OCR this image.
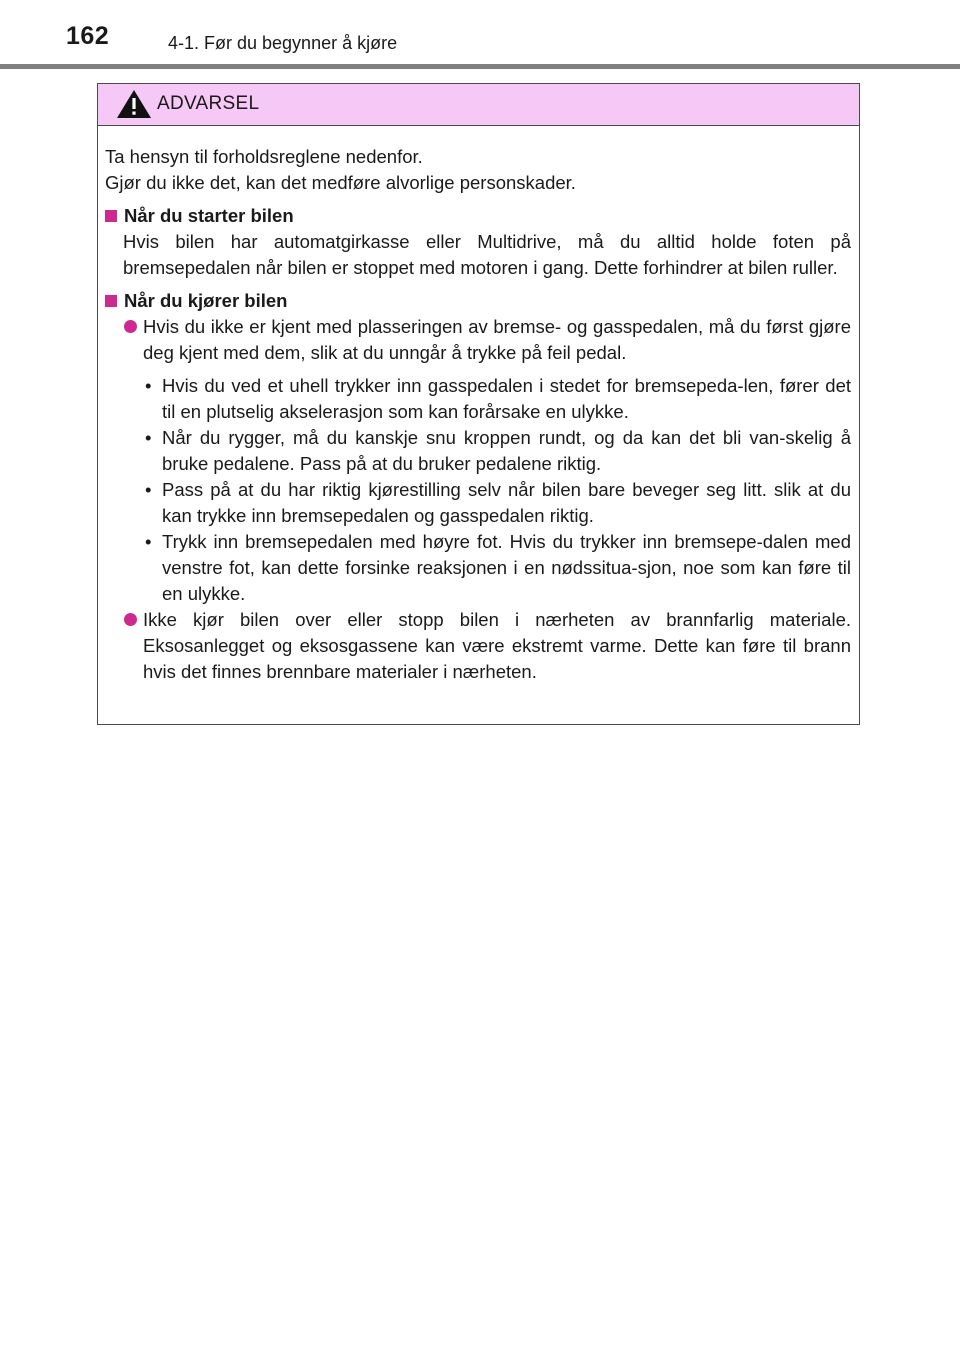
162	4-1. Før du begynner å kjøre
ADVARSEL
Ta hensyn til forholdsreglene nedenfor.
Gjør du ikke det, kan det medføre alvorlige personskader.
Når du starter bilen
Hvis bilen har automatgirkasse eller Multidrive, må du alltid holde foten på bremsepedalen når bilen er stoppet med motoren i gang. Dette forhindrer at bilen ruller.
Når du kjører bilen
Hvis du ikke er kjent med plasseringen av bremse- og gasspedalen, må du først gjøre deg kjent med dem, slik at du unngår å trykke på feil pedal.
• Hvis du ved et uhell trykker inn gasspedalen i stedet for bremsepeda-len, fører det til en plutselig akselerasjon som kan forårsake en ulykke.
• Når du rygger, må du kanskje snu kroppen rundt, og da kan det bli van-skelig å bruke pedalene. Pass på at du bruker pedalene riktig.
• Pass på at du har riktig kjørestilling selv når bilen bare beveger seg litt. slik at du kan trykke inn bremsepedalen og gasspedalen riktig.
• Trykk inn bremsepedalen med høyre fot. Hvis du trykker inn bremsepe-dalen med venstre fot, kan dette forsinke reaksjonen i en nødssitua-sjon, noe som kan føre til en ulykke.
Ikke kjør bilen over eller stopp bilen i nærheten av brannfarlig materiale. Eksosanlegget og eksosgassene kan være ekstremt varme. Dette kan føre til brann hvis det finnes brennbare materialer i nærheten.
